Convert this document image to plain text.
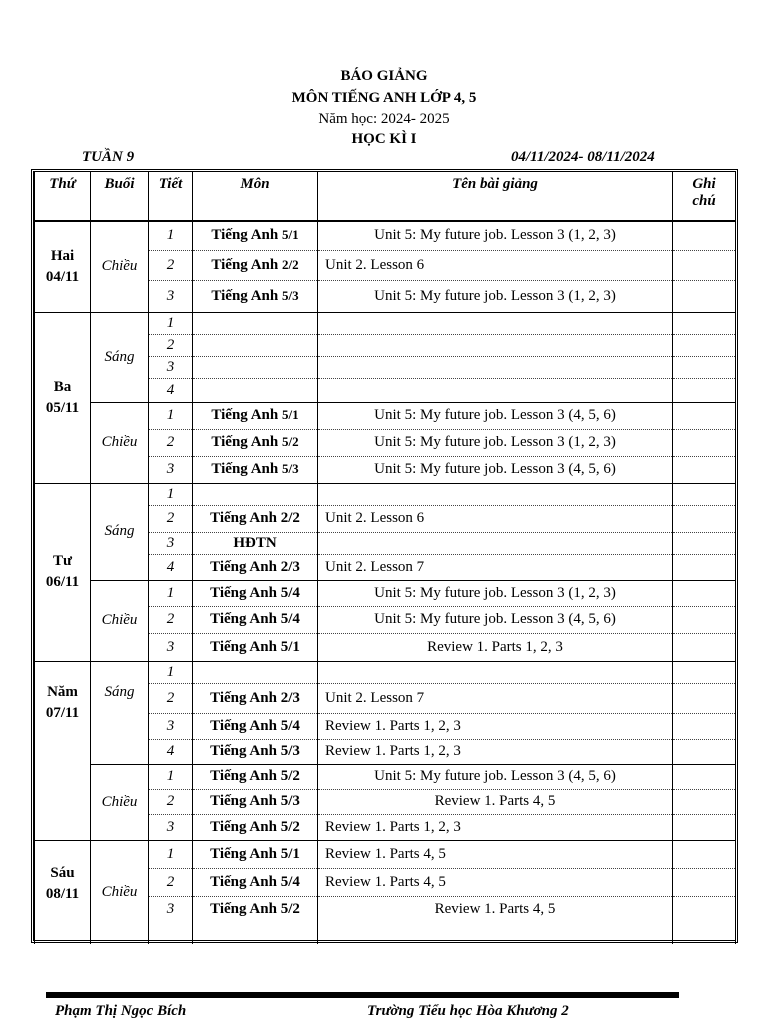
BÁO GIẢNG
MÔN TIẾNG ANH LỚP 4, 5
Năm học: 2024- 2025
HỌC KÌ I
TUẦN 9	04/11/2024- 08/11/2024
Thứ	Buổi	Tiết	Môn	Tên bài giảng	Ghi
chú
Hai
04/11	Chiều	1	Tiếng Anh 5/1	Unit 5: My future job. Lesson 3 (1, 2, 3)	
		2	Tiếng Anh 2/2	Unit 2. Lesson 6	
		3	Tiếng Anh 5/3	Unit 5: My future job. Lesson 3 (1, 2, 3)	
Ba
05/11	Sáng	1			
		2			
		3			
		4			
	Chiều	1	Tiếng Anh 5/1	Unit 5: My future job. Lesson 3 (4, 5, 6)	
		2	Tiếng Anh 5/2	Unit 5: My future job. Lesson 3 (1, 2, 3)	
		3	Tiếng Anh 5/3	Unit 5: My future job. Lesson 3 (4, 5, 6)	
Tư
06/11	Sáng	1			
		2	Tiếng Anh 2/2	Unit 2. Lesson 6	
		3	HĐTN		
		4	Tiếng Anh 2/3	Unit 2. Lesson 7	
	Chiều	1	Tiếng Anh 5/4	Unit 5: My future job. Lesson 3 (1, 2, 3)	
		2	Tiếng Anh 5/4	Unit 5: My future job. Lesson 3 (4, 5, 6)	
		3	Tiếng Anh 5/1	Review 1. Parts 1, 2, 3	
Năm
07/11	Sáng	1			
		2	Tiếng Anh 2/3	Unit 2. Lesson 7	
		3	Tiếng Anh 5/4	Review 1. Parts 1, 2, 3	
		4	Tiếng Anh 5/3	Review 1. Parts 1, 2, 3	
	Chiều	1	Tiếng Anh 5/2	Unit 5: My future job. Lesson 3 (4, 5, 6)	
		2	Tiếng Anh 5/3	Review 1. Parts 4, 5	
		3	Tiếng Anh 5/2	Review 1. Parts 1, 2, 3	
Sáu
08/11	Chiều	1	Tiếng Anh 5/1	Review 1. Parts 4, 5	
		2	Tiếng Anh 5/4	Review 1. Parts 4, 5	
		3	Tiếng Anh 5/2	Review 1. Parts 4, 5	
Phạm Thị Ngọc Bích	Trường Tiểu học Hòa Khương 2
